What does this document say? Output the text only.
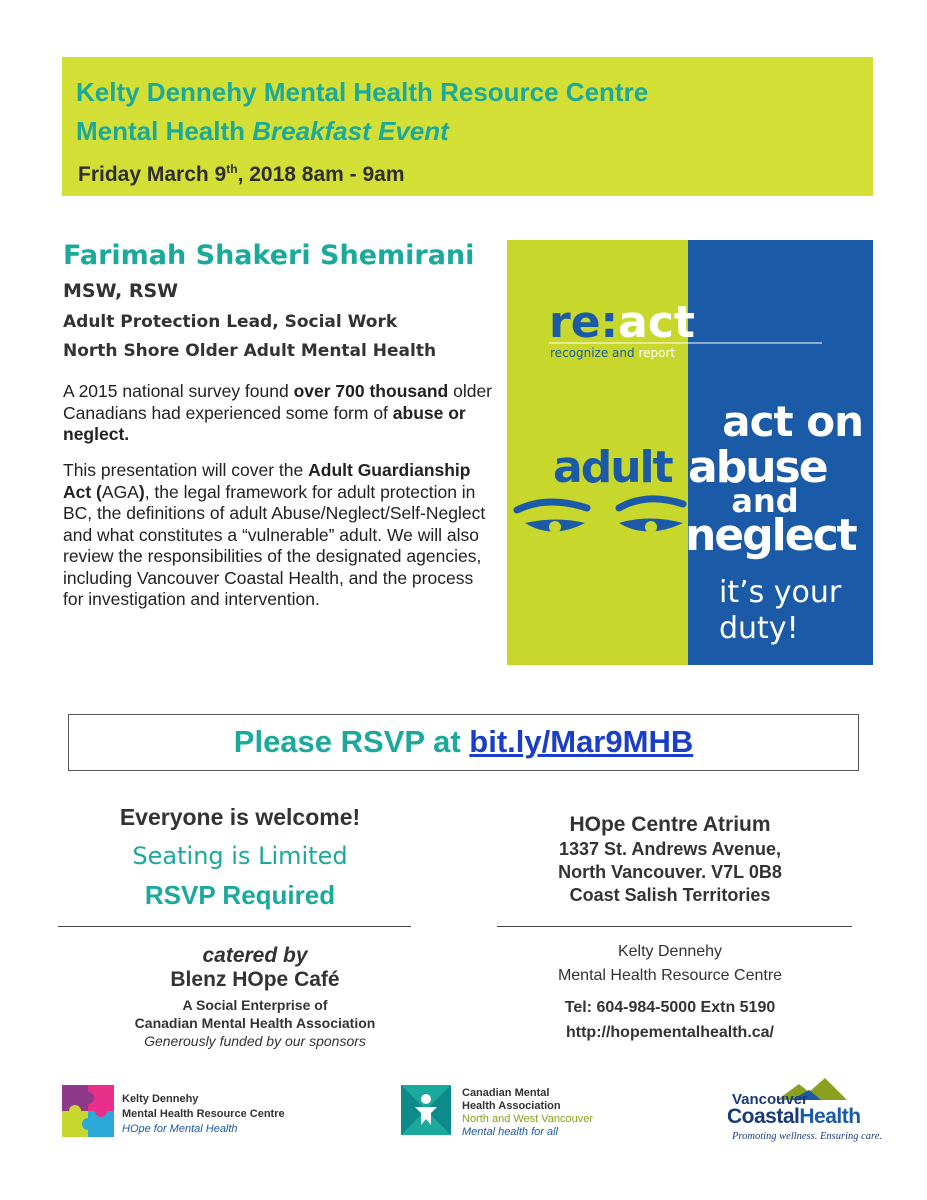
Kelty Dennehy Mental Health Resource Centre
Mental Health Breakfast Event
Friday March 9th, 2018 8am - 9am
Farimah Shakeri Shemirani
MSW, RSW
Adult Protection Lead, Social Work
North Shore Older Adult Mental Health
A 2015 national survey found over 700 thousand older Canadians had experienced some form of abuse or neglect.
This presentation will cover the Adult Guardianship Act (AGA), the legal framework for adult protection in BC, the definitions of adult Abuse/Neglect/Self-Neglect and what constitutes a “vulnerable” adult. We will also review the responsibilities of the designated agencies, including Vancouver Coastal Health, and the process for investigation and intervention.
re:act
recognize and report
act on
adult abuse
and
neglect
it’s your
duty!
Please RSVP at bit.ly/Mar9MHB
Everyone is welcome!
Seating is Limited
RSVP Required
catered by
Blenz HOpe Café
A Social Enterprise of
Canadian Mental Health Association
Generously funded by our sponsors
HOpe Centre Atrium
1337 St. Andrews Avenue,
North Vancouver. V7L 0B8
Coast Salish Territories
Kelty Dennehy
Mental Health Resource Centre
Tel: 604-984-5000 Extn 5190
http://hopementalhealth.ca/
Kelty Dennehy
Mental Health Resource Centre
HOpe for Mental Health
Canadian Mental
Health Association
North and West Vancouver
Mental health for all
Vancouver
CoastalHealth
Promoting wellness. Ensuring care.
